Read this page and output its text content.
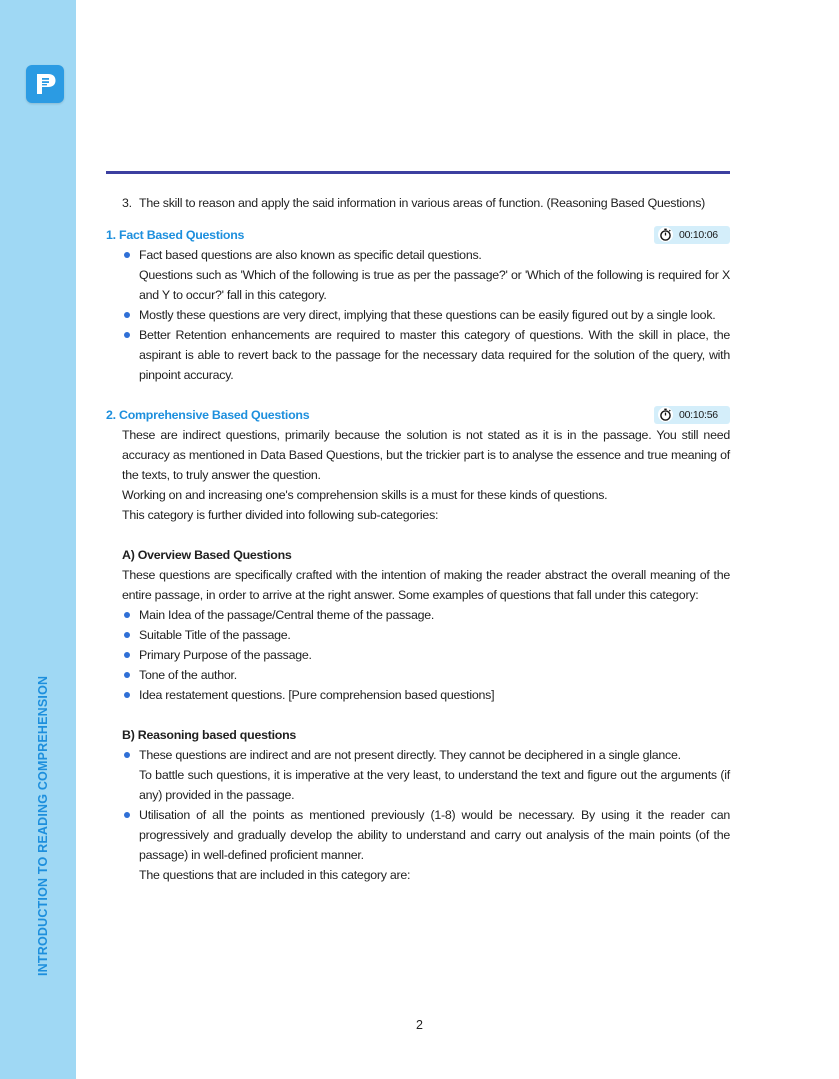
INTRODUCTION TO READING COMPREHENSION
3. The skill to reason and apply the said information in various areas of function. (Reasoning Based Questions)
1. Fact Based Questions	00:10:06
Fact based questions are also known as specific detail questions.
Questions such as 'Which of the following is true as per the passage?' or 'Which of the following is required for X and Y to occur?' fall in this category.
Mostly these questions are very direct, implying that these questions can be easily figured out by a single look.
Better Retention enhancements are required to master this category of questions. With the skill in place, the aspirant is able to revert back to the passage for the necessary data required for the solution of the query, with pinpoint accuracy.
2. Comprehensive Based Questions	00:10:56
These are indirect questions, primarily because the solution is not stated as it is in the passage. You still need accuracy as mentioned in Data Based Questions, but the trickier part is to analyse the essence and true meaning of the texts, to truly answer the question.
Working on and increasing one's comprehension skills is a must for these kinds of questions.
This category is further divided into following sub-categories:
A) Overview Based Questions
These questions are specifically crafted with the intention of making the reader abstract the overall meaning of the entire passage, in order to arrive at the right answer. Some examples of questions that fall under this category:
Main Idea of the passage/Central theme of the passage.
Suitable Title of the passage.
Primary Purpose of the passage.
Tone of the author.
Idea restatement questions. [Pure comprehension based questions]
B) Reasoning based questions
These questions are indirect and are not present directly. They cannot be deciphered in a single glance.
To battle such questions, it is imperative at the very least, to understand the text and figure out the arguments (if any) provided in the passage.
Utilisation of all the points as mentioned previously (1-8) would be necessary. By using it the reader can progressively and gradually develop the ability to understand and carry out analysis of the main points (of the passage) in well-defined proficient manner.
The questions that are included in this category are:
2
